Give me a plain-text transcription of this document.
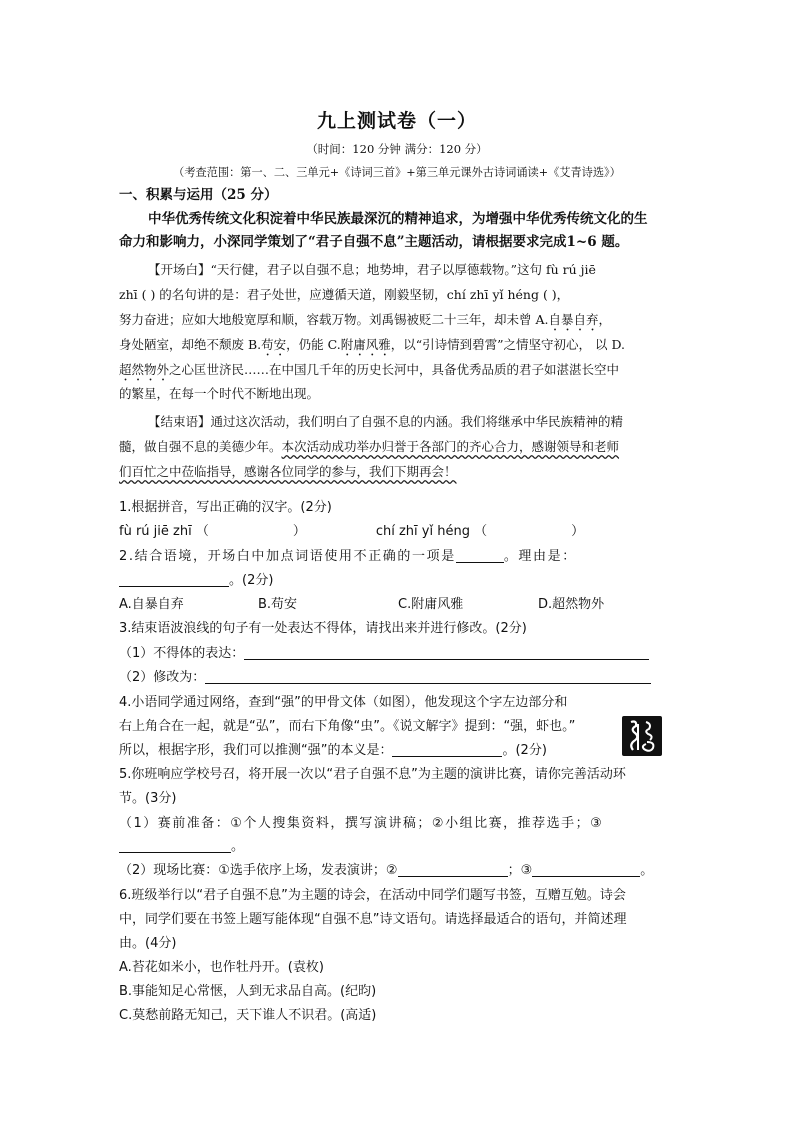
九上测试卷（一）
（时间：120 分钟 满分：120 分）
（考查范围：第一、二、三单元+《诗词三首》+第三单元课外古诗词诵读+《艾青诗选》）
一、积累与运用（25 分）
中华优秀传统文化积淀着中华民族最深沉的精神追求，为增强中华优秀传统文化的生
命力和影响力，小深同学策划了“君子自强不息”主题活动，请根据要求完成1~6 题。
【开场白】“天行健，君子以自强不息；地势坤，君子以厚德载物。”这句 fù rú jiē
zhī ( ) 的名句讲的是：君子处世，应遵循天道，刚毅坚韧，chí zhī yǐ héng ( )，
努力奋进；应如大地般宽厚和顺，容载万物。刘禹锡被贬二十三年，却未曾 A.自暴自弃，
身处陋室，却绝不颓废 B.苟安，仍能 C.附庸风雅，以“引诗情到碧霄”之情坚守初心， 以 D.
超然物外之心匡世济民……在中国几千年的历史长河中，具备优秀品质的君子如湛湛长空中
的繁星，在每一个时代不断地出现。
【结束语】通过这次活动，我们明白了自强不息的内涵。我们将继承中华民族精神的精
髓，做自强不息的美德少年。本次活动成功举办归誉于各部门的齐心合力，感谢领导和老师
们百忙之中莅临指导，感谢各位同学的参与，我们下期再会！
1.根据拼音，写出正确的汉字。(2分)
fù rú jiē zhī （	）	chí zhī yǐ héng （	）
2.结合语境，开场白中加点词语使用不正确的一项是	。理由是：
。(2分)
A.自暴自弃	B.苟安	C.附庸风雅	D.超然物外
3.结束语波浪线的句子有一处表达不得体，请找出来并进行修改。(2分)
（1）不得体的表达：
（2）修改为：
4.小语同学通过网络，查到“强”的甲骨文体（如图），他发现这个字左边部分和
右上角合在一起，就是“弘”，而右下角像“虫”。《说文解字》提到：“强，虾也。”
所以，根据字形，我们可以推测“强”的本义是：	。(2分)
5.你班响应学校号召，将开展一次以“君子自强不息”为主题的演讲比赛，请你完善活动环
节。(3分)
（1）赛前准备：①个人搜集资料，撰写演讲稿；②小组比赛，推荐选手；③
。
（2）现场比赛：①选手依序上场，发表演讲；②	；③	。
6.班级举行以“君子自强不息”为主题的诗会，在活动中同学们题写书签，互赠互勉。诗会
中，同学们要在书签上题写能体现“自强不息”诗文语句。请选择最适合的语句，并简述理
由。(4分)
A.苔花如米小，也作牡丹开。(袁枚)
B.事能知足心常惬，人到无求品自高。(纪昀)
C.莫愁前路无知己，天下谁人不识君。(高适)
